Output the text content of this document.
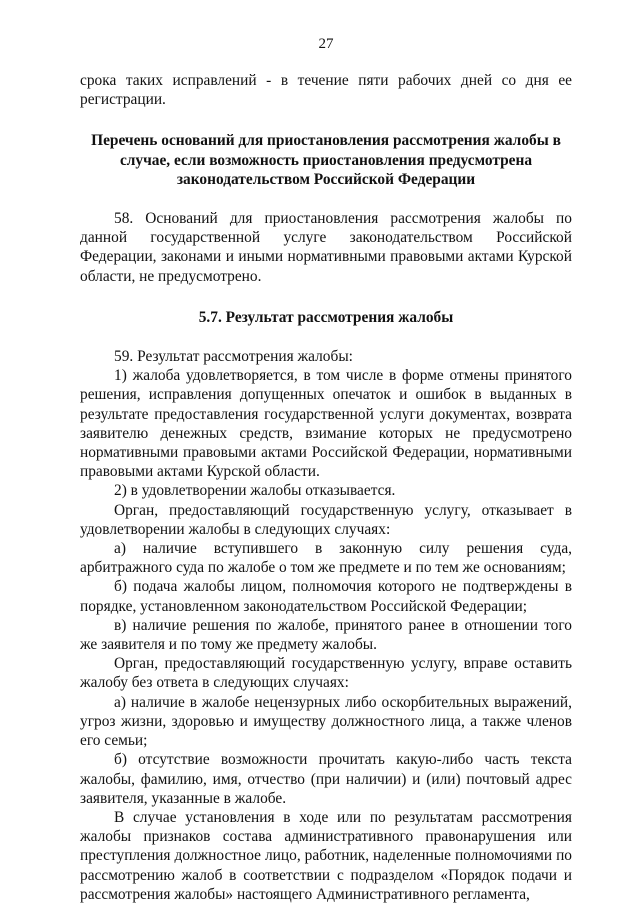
27

срока таких исправлений - в течение пяти рабочих дней со дня ее регистрации.

Перечень оснований для приостановления рассмотрения жалобы в случае, если возможность приостановления предусмотрена законодательством Российской Федерации

58. Оснований для приостановления рассмотрения жалобы по данной государственной услуге законодательством Российской Федерации, законами и иными нормативными правовыми актами Курской области, не предусмотрено.

5.7. Результат рассмотрения жалобы

59. Результат рассмотрения жалобы:

1) жалоба удовлетворяется, в том числе в форме отмены принятого решения, исправления допущенных опечаток и ошибок в выданных в результате предоставления государственной услуги документах, возврата заявителю денежных средств, взимание которых не предусмотрено нормативными правовыми актами Российской Федерации, нормативными правовыми актами Курской области.

2) в удовлетворении жалобы отказывается.

Орган, предоставляющий государственную услугу, отказывает в удовлетворении жалобы в следующих случаях:

а) наличие вступившего в законную силу решения суда, арбитражного суда по жалобе о том же предмете и по тем же основаниям;

б) подача жалобы лицом, полномочия которого не подтверждены в порядке, установленном законодательством Российской Федерации;

в) наличие решения по жалобе, принятого ранее в отношении того же заявителя и по тому же предмету жалобы.

Орган, предоставляющий государственную услугу, вправе оставить жалобу без ответа в следующих случаях:

а) наличие в жалобе нецензурных либо оскорбительных выражений, угроз жизни, здоровью и имуществу должностного лица, а также членов его семьи;

б) отсутствие возможности прочитать какую-либо часть текста жалобы, фамилию, имя, отчество (при наличии) и (или) почтовый адрес заявителя, указанные в жалобе.

В случае установления в ходе или по результатам рассмотрения жалобы признаков состава административного правонарушения или преступления должностное лицо, работник, наделенные полномочиями по рассмотрению жалоб в соответствии с подразделом «Порядок подачи и рассмотрения жалобы» настоящего Административного регламента,
